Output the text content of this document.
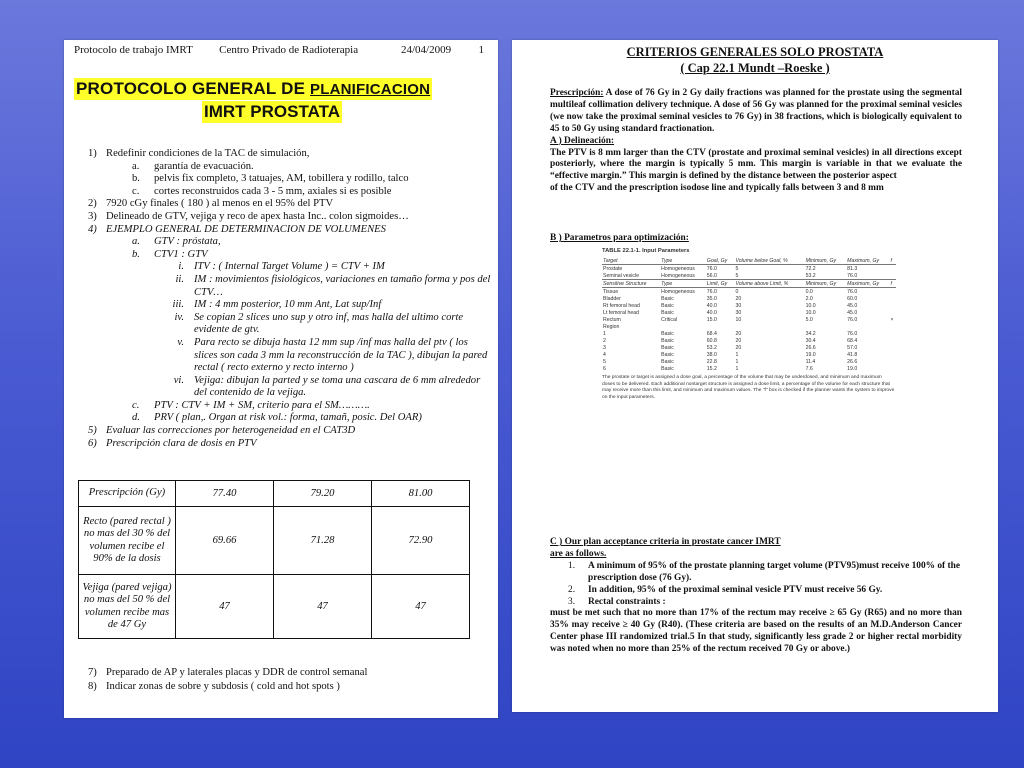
Protocolo de trabajo IMRT	Centro Privado de Radioterapia	24/04/2009	1
PROTOCOLO GENERAL DE PLANIFICACION
IMRT PROSTATA
1) Redefinir condiciones de la TAC de simulación,
a.	garantía de evacuación.
b.	pelvis fix completo, 3 tatuajes, AM, tobillera y rodillo, talco
c.	cortes reconstruidos cada 3 - 5 mm, axiales si es posible
2) 7920 cGy finales ( 180 ) al menos en el 95% del PTV
3) Delineado de GTV, vejiga y reco de apex hasta Inc.. colon sigmoides…
4) EJEMPLO GENERAL DE DETERMINACION DE VOLUMENES
a.	GTV : próstata,
b.	CTV1 : GTV
i. ITV : ( Internal Target Volume ) = CTV + IM
ii. IM : movimientos fisiológicos, variaciones en tamaño forma y pos del CTV…
iii. IM : 4 mm posterior, 10 mm Ant, Lat sup/Inf
iv. Se copian 2 slices uno sup y otro inf, mas halla del ultimo corte evidente de gtv.
v. Para recto se dibuja hasta 12 mm sup /inf mas halla del ptv ( los slices son cada 3 mm la reconstrucción de la TAC ), dibujan la pared rectal ( recto externo y recto interno )
vi. Vejiga: dibujan la parted y se toma una cascara de 6 mm alrededor del contenido de la vejiga.
c.	PTV : CTV + IM + SM, criterio para el SM……….
d.	PRV ( plan,. Organ at risk vol.: forma, tamañ, posic. Del OAR)
5) Evaluar las correcciones por heterogeneidad en el CAT3D
6) Prescripción clara de dosis en PTV
Prescripción (Gy)	77.40	79.20	81.00
Recto (pared rectal ) no mas del 30 % del volumen recibe el 90% de la dosis	69.66	71.28	72.90
Vejiga (pared vejiga) no mas del 50 % del volumen recibe mas de 47 Gy	47	47	47
7) Preparado de AP y laterales placas y DDR de control semanal
8) Indicar zonas de sobre y subdosis ( cold and hot spots )
CRITERIOS GENERALES SOLO PROSTATA
( Cap 22.1 Mundt –Roeske )
Prescripción: A dose of 76 Gy in 2 Gy daily fractions was planned for the prostate using the segmental multileaf collimation delivery technique. A dose of 56 Gy was planned for the proximal seminal vesicles (we now take the proximal seminal vesicles to 76 Gy) in 38 fractions, which is biologically equivalent to 45 to 50 Gy using standard fractionation.
A ) Delineación:
The PTV is 8 mm larger than the CTV (prostate and proximal seminal vesicles) in all directions except posteriorly, where the margin is typically 5 mm. This margin is variable in that we evaluate the “effective margin.” This margin is defined by the distance between the posterior aspect
of the CTV and the prescription isodose line and typically falls between 3 and 8 mm
B ) Parametros para optimización:
TABLE 22.1-1. Input Parameters
Target	Type	Goal, Gy	Volume below Goal, %	Minimum, Gy	Maximum, Gy	f
Prostate	Homogeneous	76.0	5	72.2	81.3	
Seminal vesicle	Homogeneous	56.0	5	53.2	76.0	
Sensitive Structure	Type	Limit, Gy	Volume above Limit, %	Minimum, Gy	Maximum, Gy	f
Tissue	Homogeneous	76.0	0	0.0	76.0	
Bladder	Basic	35.0	20	2.0	60.0	
Rt femoral head	Basic	40.0	30	10.0	45.0	
Lt femoral head	Basic	40.0	30	10.0	45.0	
Rectum	Critical	15.0	10	5.0	76.0	×
Region						
1	Basic	68.4	20	34.2	76.0	
2	Basic	60.8	20	30.4	68.4	
3	Basic	53.2	20	26.6	57.0	
4	Basic	38.0	1	19.0	41.8	
5	Basic	22.8	1	11.4	26.6	
6	Basic	15.2	1	7.6	19.0	
The prostate or target is assigned a dose goal, a percentage of the volume that may be underdosed, and minimum and maximum doses to be delivered. Each additional nontarget structure is assigned a dose limit, a percentage of the volume for each structure that may receive more than this limit, and minimum and maximum values. The "f" box is checked if the planner wants the system to improve on the input parameters.
C ) Our plan acceptance criteria in prostate cancer IMRT
are as follows.
1.	A minimum of 95% of the prostate planning target volume (PTV95)must receive 100% of the prescription dose (76 Gy).
2.	In addition, 95% of the proximal seminal vesicle PTV must receive 56 Gy.
3.	Rectal constraints :
must be met such that no more than 17% of the rectum may receive ≥ 65 Gy (R65) and no more than 35% may receive ≥ 40 Gy (R40). (These criteria are based on the results of an M.D.Anderson Cancer Center phase III randomized trial.5 In that study, significantly less grade 2 or higher rectal morbidity was noted when no more than 25% of the rectum received 70 Gy or above.)
